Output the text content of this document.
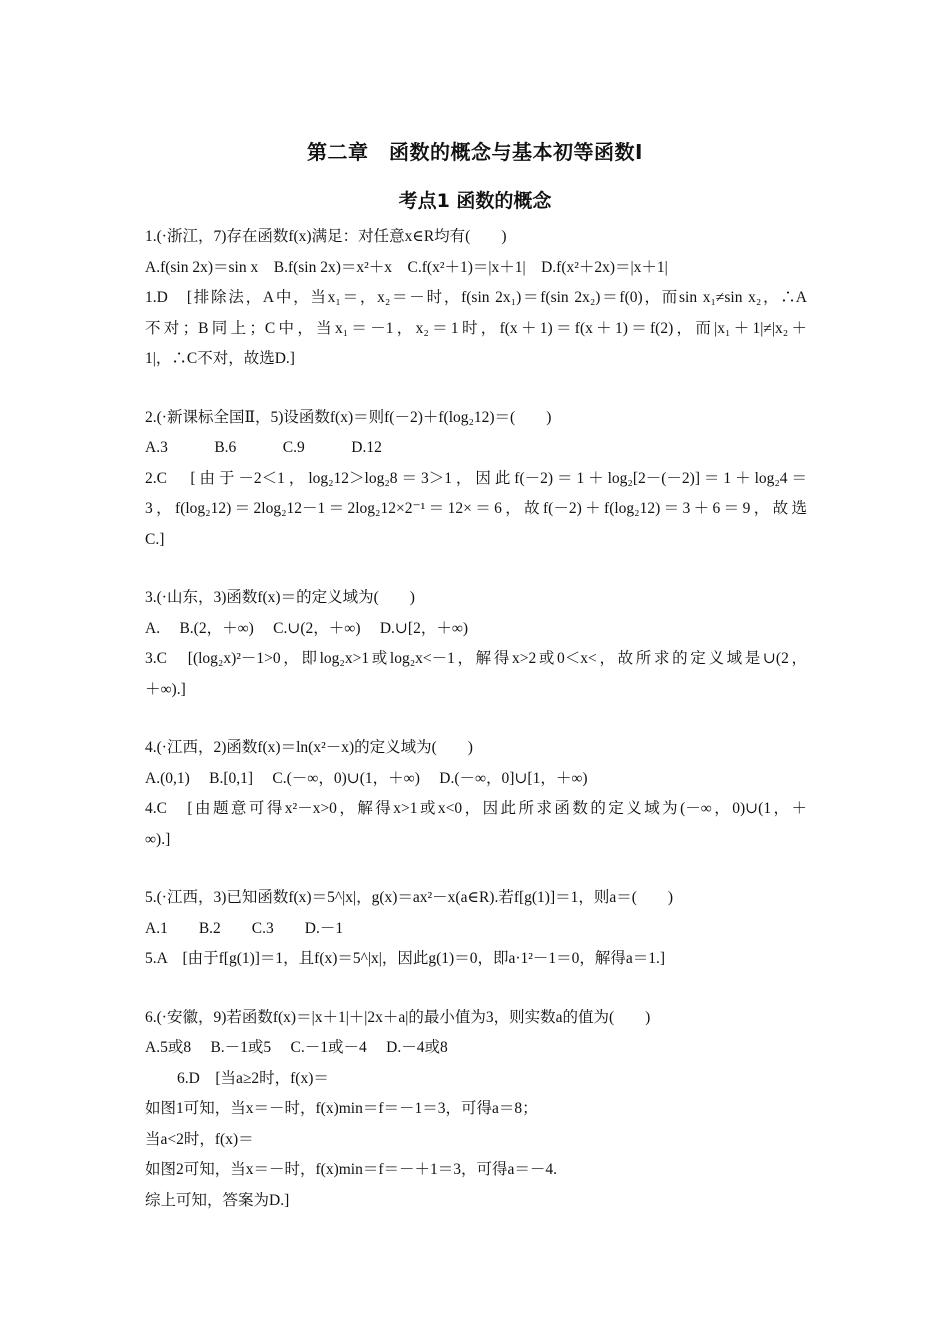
第二章　函数的概念与基本初等函数Ⅰ
考点1 函数的概念
1.(·浙江，7)存在函数f(x)满足：对任意x∈R均有(　　)
A.f(sin 2x)＝sin x　B.f(sin 2x)＝x²＋x　C.f(x²＋1)＝|x＋1|　D.f(x²＋2x)＝|x＋1|
1.D　[排除法，A中，当x₁＝，x₂＝－时，f(sin 2x₁)＝f(sin 2x₂)＝f(0)，而sin x₁≠sin x₂，∴A
不对；B同上；C中，当x₁＝－1，x₂＝1时，f(x＋1)＝f(x＋1)＝f(2)，而|x₁＋1|≠|x₂＋
1|，∴C不对，故选D.]
2.(·新课标全国Ⅱ，5)设函数f(x)＝则f(－2)＋f(log₂12)＝(　　)
A.3　　　B.6　　　C.9　　　D.12
2.C　[由于－2＜1，log₂12＞log₂8＝3＞1，因此f(－2)＝1＋log₂[2－(－2)]＝1＋log₂4＝
3，f(log₂12)＝2log₂12－1＝2log₂12×2⁻¹＝12×＝6，故f(－2)＋f(log₂12)＝3＋6＝9，故选
C.]
3.(·山东，3)函数f(x)＝的定义域为(　　)
A.　 B.(2，＋∞)　 C.∪(2，＋∞)　 D.∪[2，＋∞)
3.C　[(log₂x)²－1>0，即log₂x>1或log₂x<－1，解得x>2或0＜x<，故所求的定义域是∪(2，
＋∞).]
4.(·江西，2)函数f(x)＝ln(x²－x)的定义域为(　　)
A.(0,1)　 B.[0,1]　 C.(－∞，0)∪(1，＋∞)　 D.(－∞，0]∪[1，＋∞)
4.C　[由题意可得x²－x>0，解得x>1或x<0，因此所求函数的定义域为(－∞，0)∪(1，＋
∞).]
5.(·江西，3)已知函数f(x)＝5^|x|，g(x)＝ax²－x(a∈R).若f[g(1)]＝1，则a＝(　　)
A.1　　B.2　　C.3　　D.－1
5.A　[由于f[g(1)]＝1，且f(x)＝5^|x|，因此g(1)＝0，即a·1²－1＝0，解得a＝1.]
6.(·安徽，9)若函数f(x)＝|x＋1|＋|2x＋a|的最小值为3，则实数a的值为(　　)
A.5或8　 B.－1或5　 C.－1或－4　 D.－4或8
6.D　[当a≥2时，f(x)＝
如图1可知，当x＝－时，f(x)min＝f＝－1＝3，可得a＝8；
当a<2时，f(x)＝
如图2可知，当x＝－时，f(x)min＝f＝－＋1＝3，可得a＝－4.
综上可知，答案为D.]
